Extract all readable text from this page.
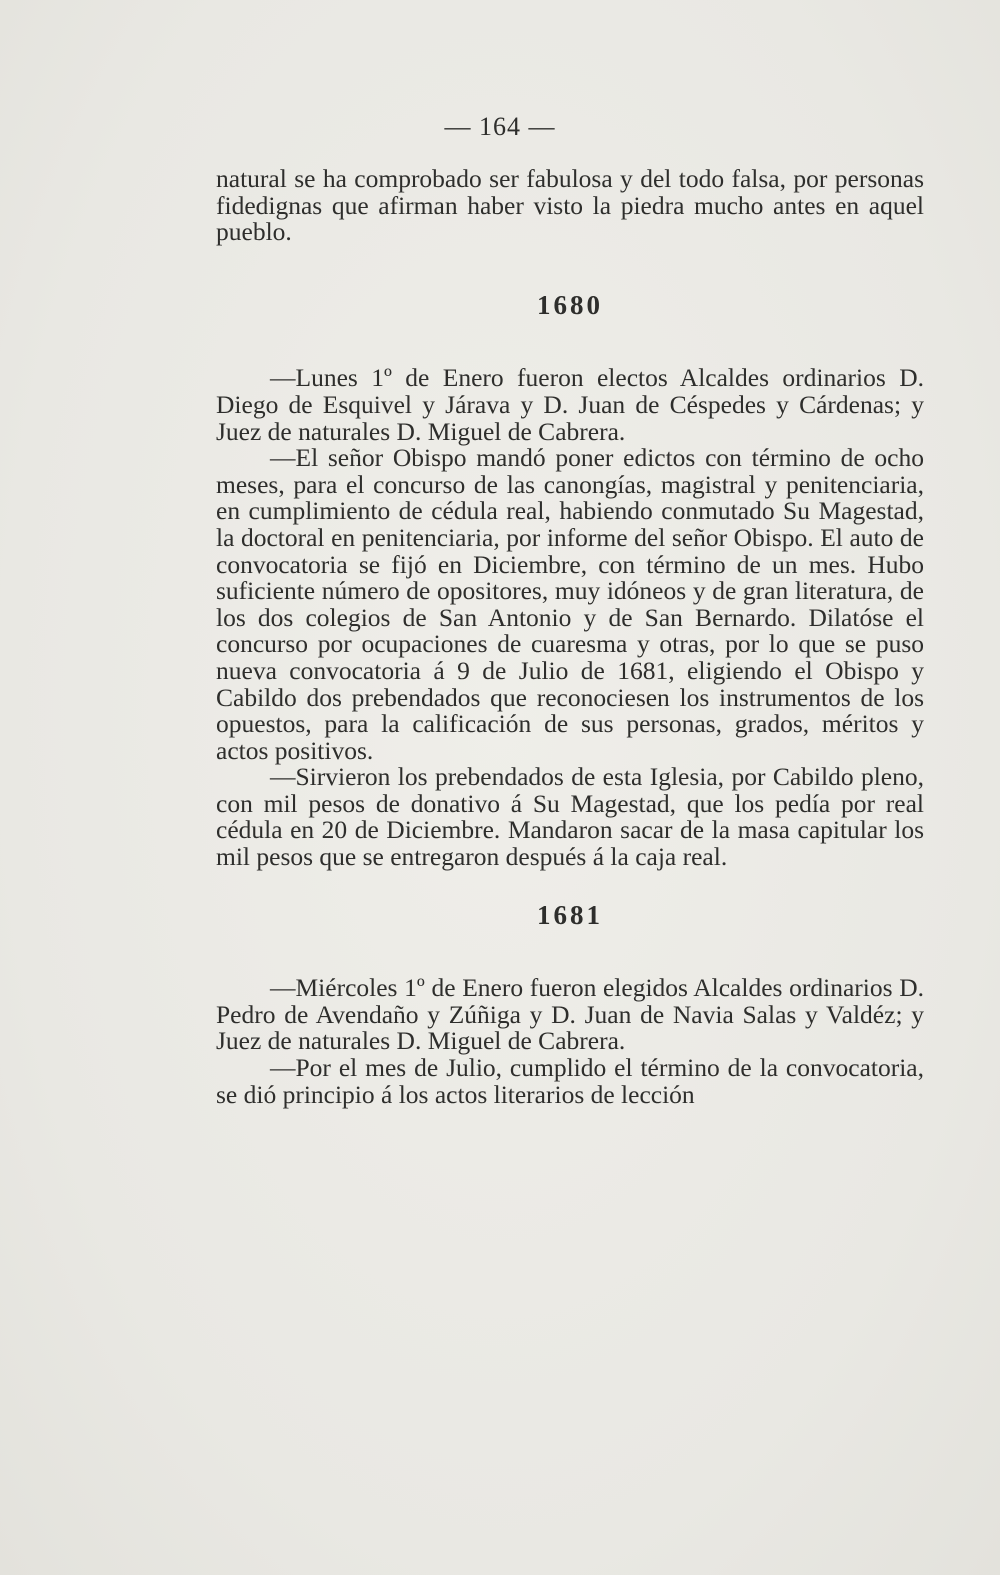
— 164 —

natural se ha comprobado ser fabulosa y del todo falsa, por personas fidedignas que afirman haber visto la piedra mucho antes en aquel pueblo.

1680

—Lunes 1º de Enero fueron electos Alcaldes ordinarios D. Diego de Esquivel y Járava y D. Juan de Céspedes y Cárdenas; y Juez de naturales D. Miguel de Cabrera.

—El señor Obispo mandó poner edictos con término de ocho meses, para el concurso de las canongías, magistral y penitenciaria, en cumplimiento de cédula real, habiendo conmutado Su Magestad, la doctoral en penitenciaria, por informe del señor Obispo. El auto de convocatoria se fijó en Diciembre, con término de un mes. Hubo suficiente número de opositores, muy idóneos y de gran literatura, de los dos colegios de San Antonio y de San Bernardo. Dilatóse el concurso por ocupaciones de cuaresma y otras, por lo que se puso nueva convocatoria á 9 de Julio de 1681, eligiendo el Obispo y Cabildo dos prebendados que reconociesen los instrumentos de los opuestos, para la calificación de sus personas, grados, méritos y actos positivos.

—Sirvieron los prebendados de esta Iglesia, por Cabildo pleno, con mil pesos de donativo á Su Magestad, que los pedía por real cédula en 20 de Diciembre. Mandaron sacar de la masa capitular los mil pesos que se entregaron después á la caja real.

1681

—Miércoles 1º de Enero fueron elegidos Alcaldes ordinarios D. Pedro de Avendaño y Zúñiga y D. Juan de Navia Salas y Valdéz; y Juez de naturales D. Miguel de Cabrera.

—Por el mes de Julio, cumplido el término de la convocatoria, se dió principio á los actos literarios de lección
